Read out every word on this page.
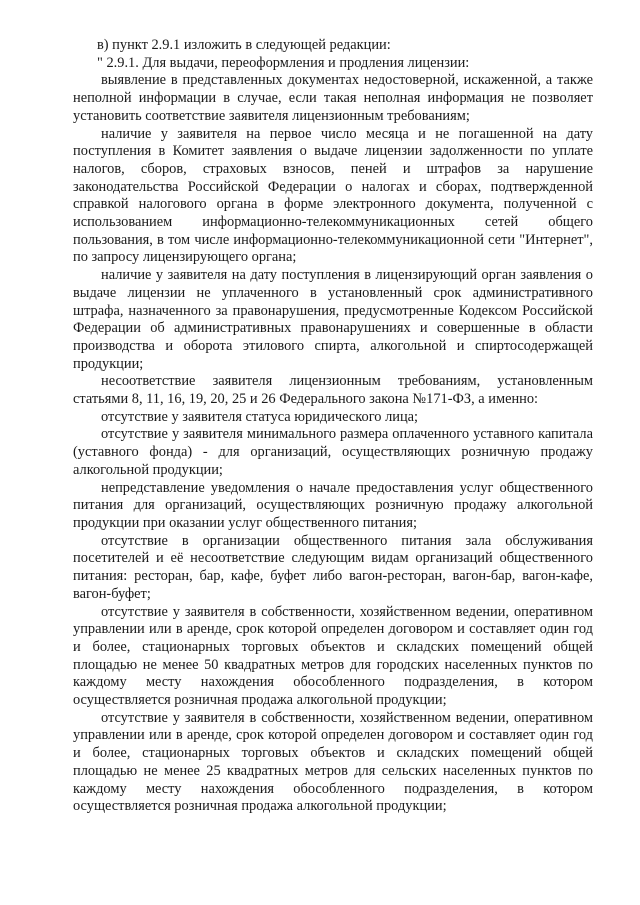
в) пункт 2.9.1 изложить в следующей редакции:

" 2.9.1. Для выдачи, переоформления и продления лицензии:

выявление в представленных документах недостоверной, искаженной, а также неполной информации в случае, если такая неполная информация не позволяет установить соответствие заявителя лицензионным требованиям;

наличие у заявителя на первое число месяца и не погашенной на дату поступления в Комитет заявления о выдаче лицензии задолженности по уплате налогов, сборов, страховых взносов, пеней и штрафов за нарушение законодательства Российской Федерации о налогах и сборах, подтвержденной справкой налогового органа в форме электронного документа, полученной с использованием информационно-телекоммуникационных сетей общего пользования, в том числе информационно-телекоммуникационной сети "Интернет", по запросу лицензирующего органа;

наличие у заявителя на дату поступления в лицензирующий орган заявления о выдаче лицензии не уплаченного в установленный срок административного штрафа, назначенного за правонарушения, предусмотренные Кодексом Российской Федерации об административных правонарушениях и совершенные в области производства и оборота этилового спирта, алкогольной и спиртосодержащей продукции;

несоответствие заявителя лицензионным требованиям, установленным статьями 8, 11, 16, 19, 20, 25 и 26 Федерального закона №171-ФЗ, а именно:

отсутствие у заявителя статуса юридического лица;

отсутствие у заявителя минимального размера оплаченного уставного капитала (уставного фонда) - для организаций, осуществляющих розничную продажу алкогольной продукции;

непредставление уведомления о начале предоставления услуг общественного питания для организаций, осуществляющих розничную продажу алкогольной продукции при оказании услуг общественного питания;

отсутствие в организации общественного питания зала обслуживания посетителей и её несоответствие следующим видам организаций общественного питания: ресторан, бар, кафе, буфет либо вагон-ресторан, вагон-бар, вагон-кафе, вагон-буфет;

отсутствие у заявителя в собственности, хозяйственном ведении, оперативном управлении или в аренде, срок которой определен договором и составляет один год и более, стационарных торговых объектов и складских помещений общей площадью не менее 50 квадратных метров для городских населенных пунктов по каждому месту нахождения обособленного подразделения, в котором осуществляется розничная продажа алкогольной продукции;

отсутствие у заявителя в собственности, хозяйственном ведении, оперативном управлении или в аренде, срок которой определен договором и составляет один год и более, стационарных торговых объектов и складских помещений общей площадью не менее 25 квадратных метров для сельских населенных пунктов по каждому месту нахождения обособленного подразделения, в котором осуществляется розничная продажа алкогольной продукции;
